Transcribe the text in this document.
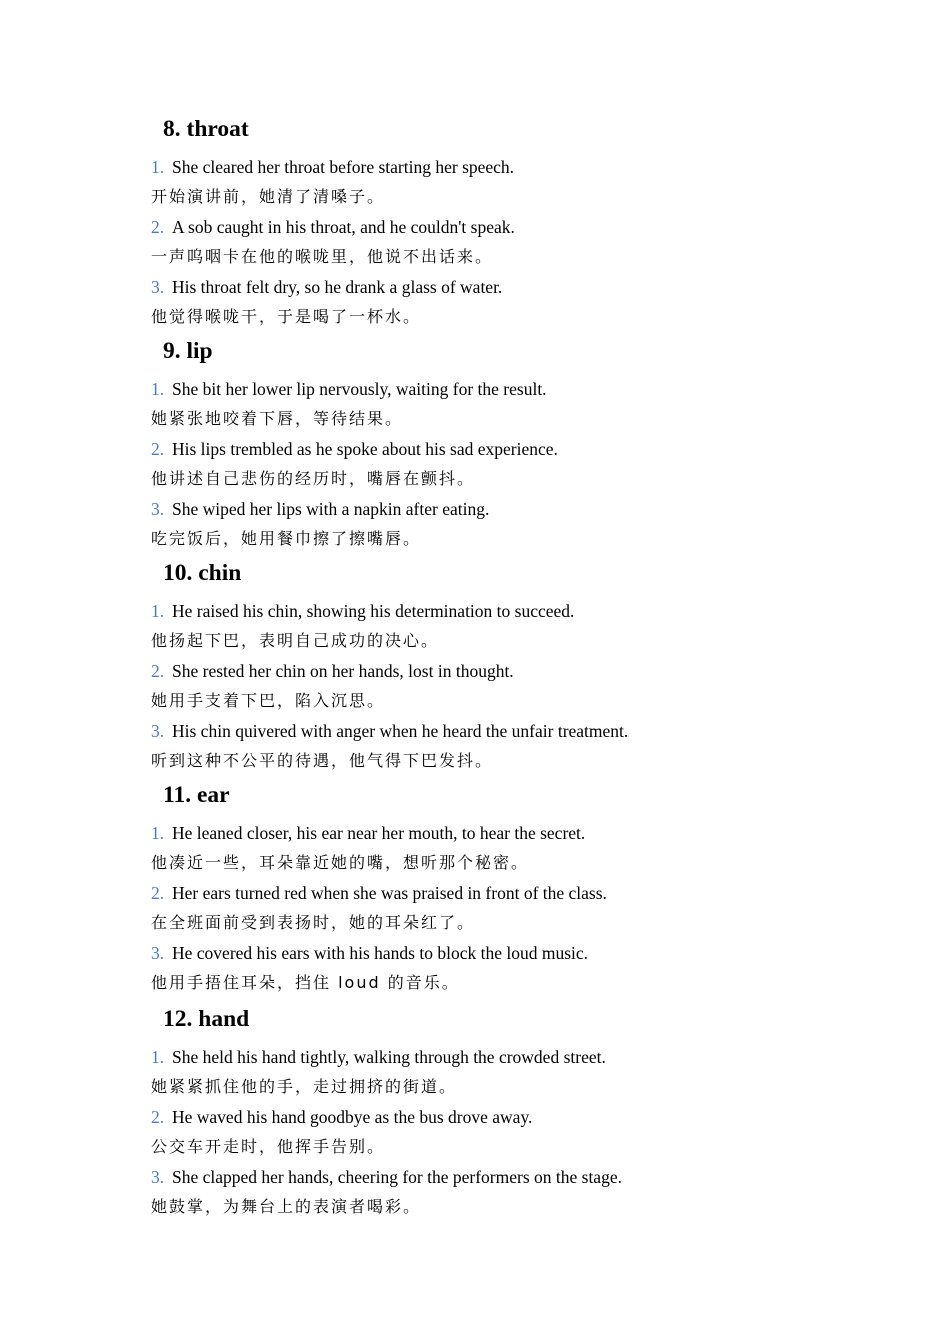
8. throat
1. She cleared her throat before starting her speech.
开始演讲前，她清了清嗓子。
2. A sob caught in his throat, and he couldn't speak.
一声呜咽卡在他的喉咙里，他说不出话来。
3. His throat felt dry, so he drank a glass of water.
他觉得喉咙干，于是喝了一杯水。
9. lip
1. She bit her lower lip nervously, waiting for the result.
她紧张地咬着下唇，等待结果。
2. His lips trembled as he spoke about his sad experience.
他讲述自己悲伤的经历时，嘴唇在颤抖。
3. She wiped her lips with a napkin after eating.
吃完饭后，她用餐巾擦了擦嘴唇。
10. chin
1. He raised his chin, showing his determination to succeed.
他扬起下巴，表明自己成功的决心。
2. She rested her chin on her hands, lost in thought.
她用手支着下巴，陷入沉思。
3. His chin quivered with anger when he heard the unfair treatment.
听到这种不公平的待遇，他气得下巴发抖。
11. ear
1. He leaned closer, his ear near her mouth, to hear the secret.
他凑近一些，耳朵靠近她的嘴，想听那个秘密。
2. Her ears turned red when she was praised in front of the class.
在全班面前受到表扬时，她的耳朵红了。
3. He covered his ears with his hands to block the loud music.
他用手捂住耳朵，挡住 loud 的音乐。
12. hand
1. She held his hand tightly, walking through the crowded street.
她紧紧抓住他的手，走过拥挤的街道。
2. He waved his hand goodbye as the bus drove away.
公交车开走时，他挥手告别。
3. She clapped her hands, cheering for the performers on the stage.
她鼓掌，为舞台上的表演者喝彩。
